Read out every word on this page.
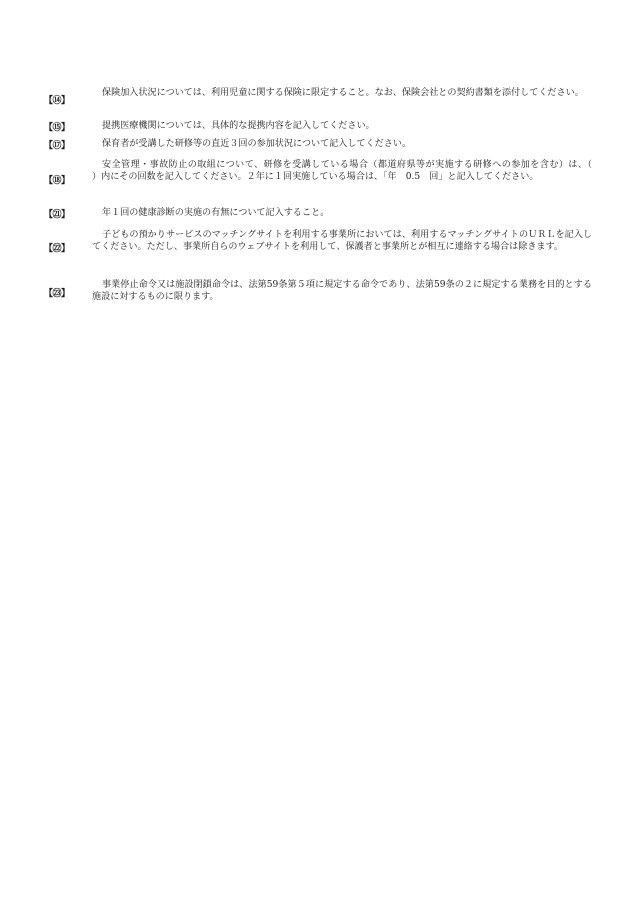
【⑭】
保険加入状況については、利用児童に関する保険に限定すること。なお、保険会社との契約書類を添付してください。
【⑮】	提携医療機関については、具体的な提携内容を記入してください。
【⑰】	保育者が受講した研修等の直近３回の参加状況について記入してください。
【⑱】
安全管理・事故防止の取組について、研修を受講している場合（都道府県等が実施する研修への参加を含む）は、（　　）内にその回数を記入してください。２年に１回実施している場合は、「年　0.5　回」と記入してください。
【㉑】	年１回の健康診断の実施の有無について記入すること。
【㉒】
子どもの預かりサービスのマッチングサイトを利用する事業所においては、利用するマッチングサイトのＵＲＬを記入してください。ただし、事業所自らのウェブサイトを利用して、保護者と事業所とが相互に連絡する場合は除きます。
【㉓】
事業停止命令又は施設閉鎖命令は、法第59条第５項に規定する命令であり、法第59条の２に規定する業務を目的とする施設に対するものに限ります。
